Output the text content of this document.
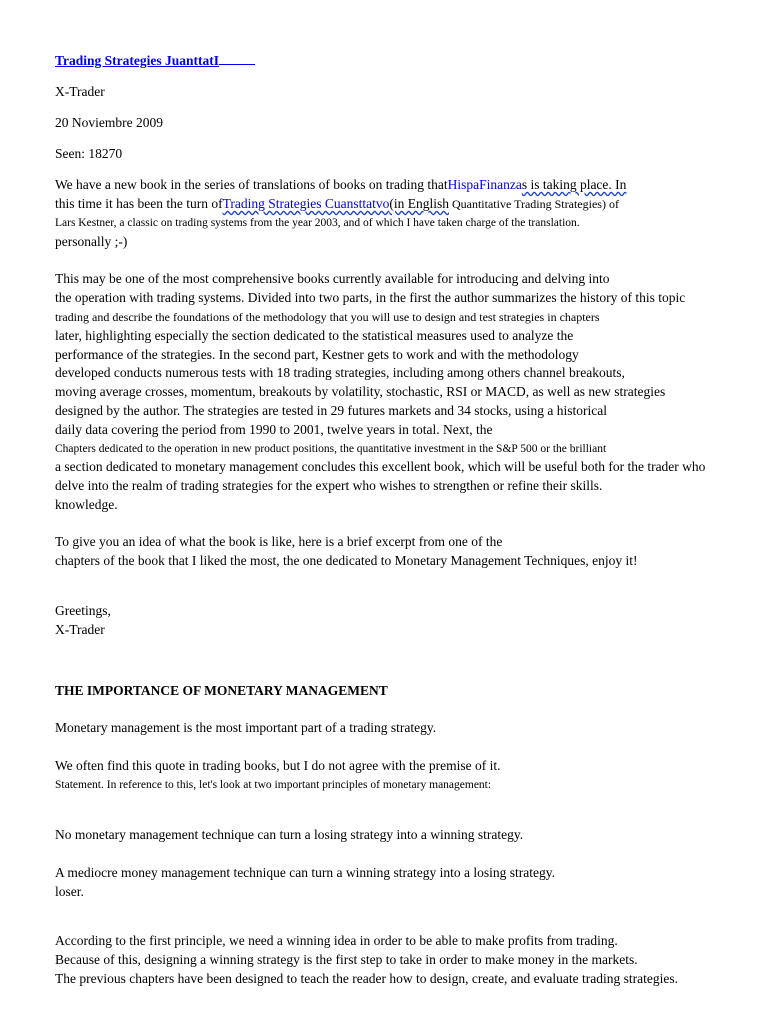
Trading Strategies JuanttatI
X-Trader
20 Noviembre 2009
Seen: 18270
We have a new book in the series of translations of books on trading thatHispaFinanzas is taking place. In
this time it has been the turn ofTrading Strategies Cuansttatvo(in English Quantitative Trading Strategies) of
Lars Kestner, a classic on trading systems from the year 2003, and of which I have taken charge of the translation.
personally ;-)
This may be one of the most comprehensive books currently available for introducing and delving into
the operation with trading systems. Divided into two parts, in the first the author summarizes the history of this topic
trading and describe the foundations of the methodology that you will use to design and test strategies in chapters
later, highlighting especially the section dedicated to the statistical measures used to analyze the
performance of the strategies. In the second part, Kestner gets to work and with the methodology
developed conducts numerous tests with 18 trading strategies, including among others channel breakouts,
moving average crosses, momentum, breakouts by volatility, stochastic, RSI or MACD, as well as new strategies
designed by the author. The strategies are tested in 29 futures markets and 34 stocks, using a historical
daily data covering the period from 1990 to 2001, twelve years in total. Next, the
Chapters dedicated to the operation in new product positions, the quantitative investment in the S&P 500 or the brilliant
a section dedicated to monetary management concludes this excellent book, which will be useful both for the trader who
delve into the realm of trading strategies for the expert who wishes to strengthen or refine their skills.
knowledge.
To give you an idea of what the book is like, here is a brief excerpt from one of the
chapters of the book that I liked the most, the one dedicated to Monetary Management Techniques, enjoy it!
Greetings,
X-Trader
THE IMPORTANCE OF MONETARY MANAGEMENT
Monetary management is the most important part of a trading strategy.
We often find this quote in trading books, but I do not agree with the premise of it.
Statement. In reference to this, let's look at two important principles of monetary management:
No monetary management technique can turn a losing strategy into a winning strategy.
A mediocre money management technique can turn a winning strategy into a losing strategy.
loser.
According to the first principle, we need a winning idea in order to be able to make profits from trading.
Because of this, designing a winning strategy is the first step to take in order to make money in the markets.
The previous chapters have been designed to teach the reader how to design, create, and evaluate trading strategies.
